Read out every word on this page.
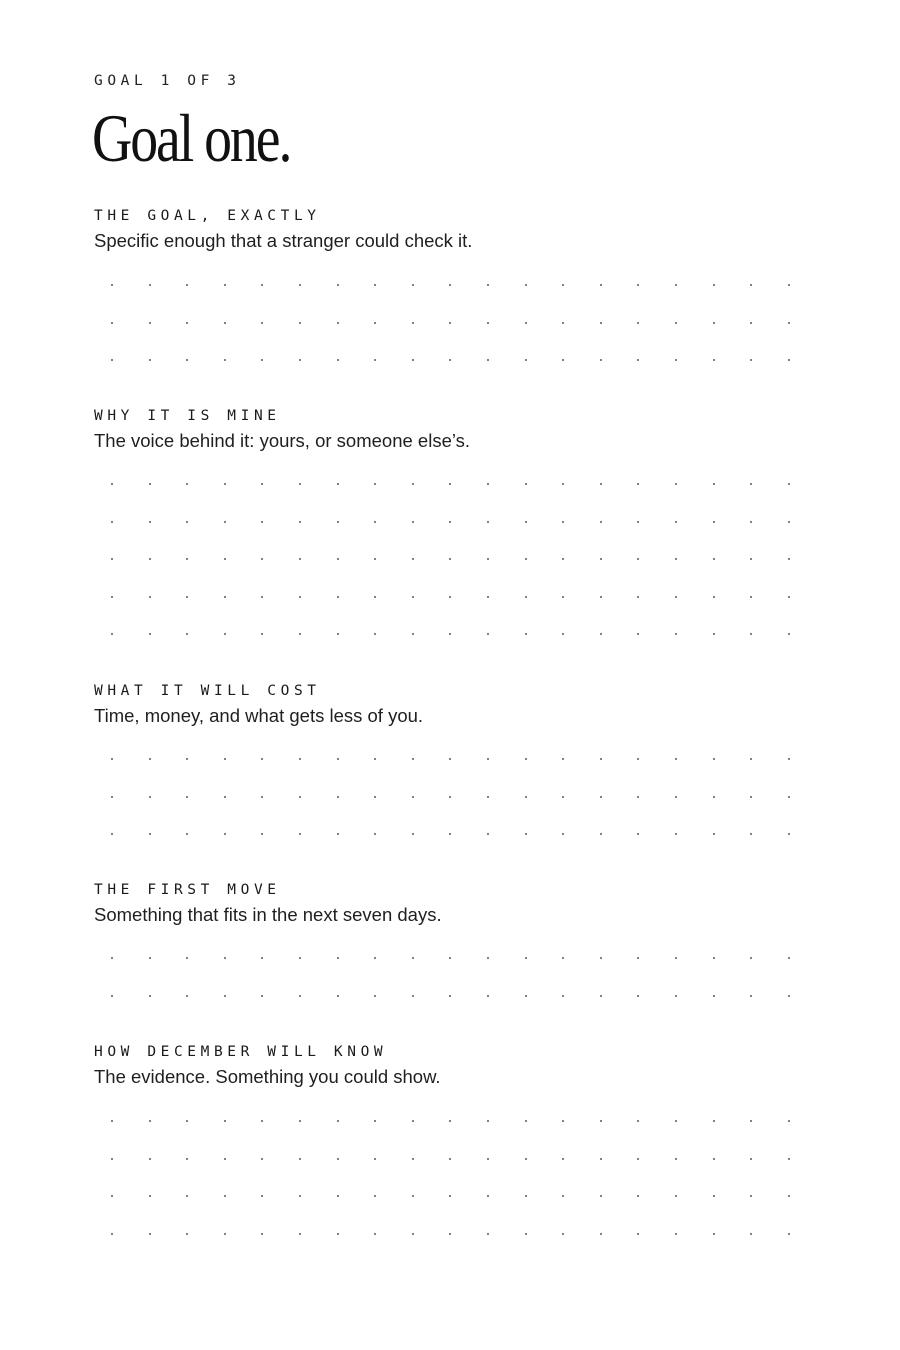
GOAL 1 OF 3
Goal one.
THE GOAL, EXACTLY
Specific enough that a stranger could check it.
WHY IT IS MINE
The voice behind it: yours, or someone else’s.
WHAT IT WILL COST
Time, money, and what gets less of you.
THE FIRST MOVE
Something that fits in the next seven days.
HOW DECEMBER WILL KNOW
The evidence. Something you could show.
